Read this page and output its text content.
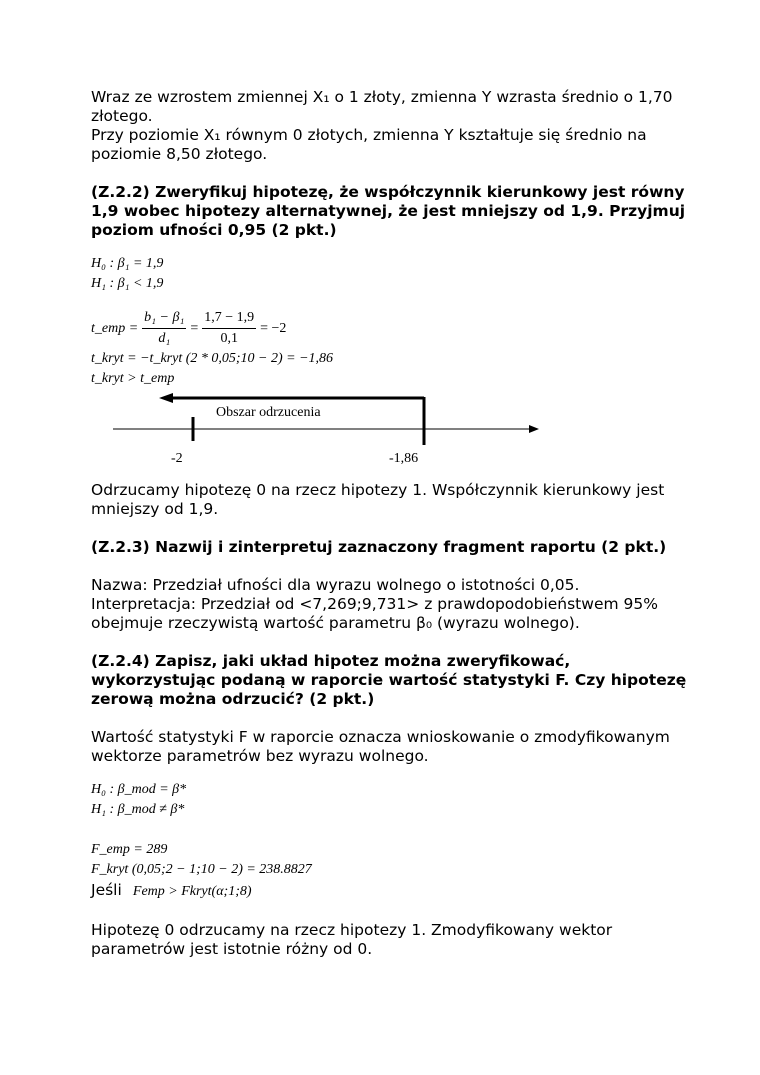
Wraz ze wzrostem zmiennej X₁ o 1 złoty, zmienna Y wzrasta średnio o 1,70 złotego.

Przy poziomie X₁ równym 0 złotych, zmienna Y kształtuje się średnio na poziomie 8,50 złotego.

(Z.2.2) Zweryfikuj hipotezę, że współczynnik kierunkowy jest równy 1,9 wobec hipotezy alternatywnej, że jest mniejszy od 1,9. Przyjmuj poziom ufności 0,95 (2 pkt.)

H₀ : β₁ = 1,9
H₁ : β₁ < 1,9
t_emp = $\frac{\text{b₁ − β₁}}{\text{d₁}} = \frac{1,7 - 1,9}{0,1} = -2$
t_kryt = −t_kryt (2 * 0,05;10 − 2) = −1,86
t_kryt > t_emp
Obszar odrzucenia
-2	-1,86

Odrzucamy hipotezę 0 na rzecz hipotezy 1. Współczynnik kierunkowy jest mniejszy od 1,9.

(Z.2.3) Nazwij i zinterpretuj zaznaczony fragment raportu (2 pkt.)

Nazwa: Przedział ufności dla wyrazu wolnego o istotności 0,05.

Interpretacja: Przedział od <7,269;9,731> z prawdopodobieństwem 95% obejmuje rzeczywistą wartość parametru β₀ (wyrazu wolnego).

(Z.2.4) Zapisz, jaki układ hipotez można zweryfikować, wykorzystując podaną w raporcie wartość statystyki F. Czy hipotezę zerową można odrzucić? (2 pkt.)

Wartość statystyki F w raporcie oznacza wnioskowanie o zmodyfikowanym wektorze parametrów bez wyrazu wolnego.

H₀ : β_mod = β*
H₁ : β_mod ≠ β*
F_emp = 289
F_kryt (0,05;2 − 1;10 − 2) = 238.8827
Jeśli Femp > Fkryt(α;1;8)

Hipotezę 0 odrzucamy na rzecz hipotezy 1. Zmodyfikowany wektor parametrów jest istotnie różny od 0.
